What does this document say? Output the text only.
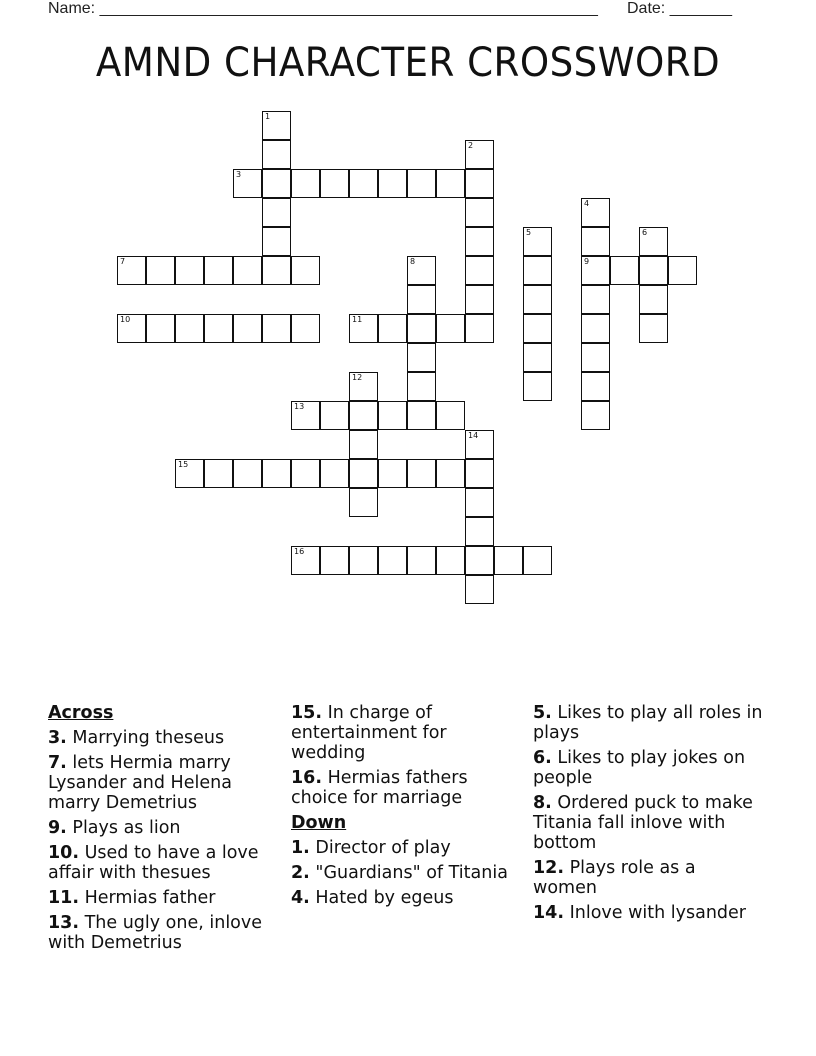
Name: ________________________________________________________ Date: _______
AMND CHARACTER CROSSWORD
1
2
3
4
9
5	6
7	8
10	11
12
13
14
15
16
Across
3. Marrying theseus
7. lets Hermia marry Lysander and Helena marry Demetrius
9. Plays as lion
10. Used to have a love affair with thesues
11. Hermias father
13. The ugly one, inlove with Demetrius
15. In charge of entertainment for wedding
16. Hermias fathers choice for marriage
Down
1. Director of play
2. "Guardians" of Titania
4. Hated by egeus
5. Likes to play all roles in plays
6. Likes to play jokes on people
8. Ordered puck to make Titania fall inlove with bottom
12. Plays role as a women
14. Inlove with lysander
